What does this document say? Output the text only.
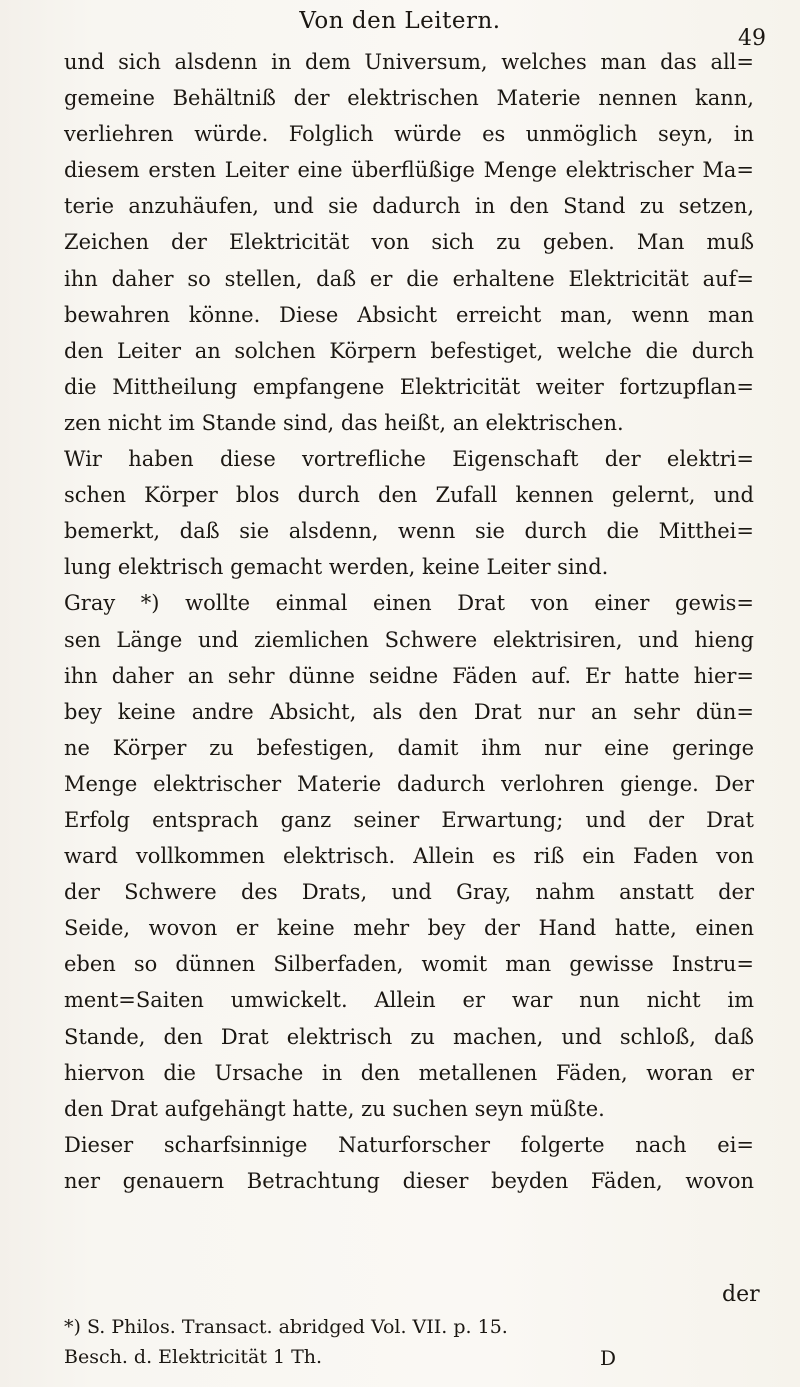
Von den Leitern.
49
und sich alsdenn in dem Universum, welches man das all=
gemeine Behältniß der elektrischen Materie nennen kann,
verliehren würde. Folglich würde es unmöglich seyn, in
diesem ersten Leiter eine überflüßige Menge elektrischer Ma=
terie anzuhäufen, und sie dadurch in den Stand zu setzen,
Zeichen der Elektricität von sich zu geben. Man muß
ihn daher so stellen, daß er die erhaltene Elektricität auf=
bewahren könne. Diese Absicht erreicht man, wenn man
den Leiter an solchen Körpern befestiget, welche die durch
die Mittheilung empfangene Elektricität weiter fortzupflan=
zen nicht im Stande sind, das heißt, an elektrischen.
Wir haben diese vortrefliche Eigenschaft der elektri=
schen Körper blos durch den Zufall kennen gelernt, und
bemerkt, daß sie alsdenn, wenn sie durch die Mitthei=
lung elektrisch gemacht werden, keine Leiter sind.
Gray *) wollte einmal einen Drat von einer gewis=
sen Länge und ziemlichen Schwere elektrisiren, und hieng
ihn daher an sehr dünne seidne Fäden auf. Er hatte hier=
bey keine andre Absicht, als den Drat nur an sehr dün=
ne Körper zu befestigen, damit ihm nur eine geringe
Menge elektrischer Materie dadurch verlohren gienge. Der
Erfolg entsprach ganz seiner Erwartung; und der Drat
ward vollkommen elektrisch. Allein es riß ein Faden von
der Schwere des Drats, und Gray, nahm anstatt der
Seide, wovon er keine mehr bey der Hand hatte, einen
eben so dünnen Silberfaden, womit man gewisse Instru=
ment=Saiten umwickelt. Allein er war nun nicht im
Stande, den Drat elektrisch zu machen, und schloß, daß
hiervon die Ursache in den metallenen Fäden, woran er
den Drat aufgehängt hatte, zu suchen seyn müßte.
Dieser scharfsinnige Naturforscher folgerte nach ei=
ner genauern Betrachtung dieser beyden Fäden, wovon
der
*) S. Philos. Transact. abridged Vol. VII. p. 15.
Besch. d. Elektricität 1 Th.	D
